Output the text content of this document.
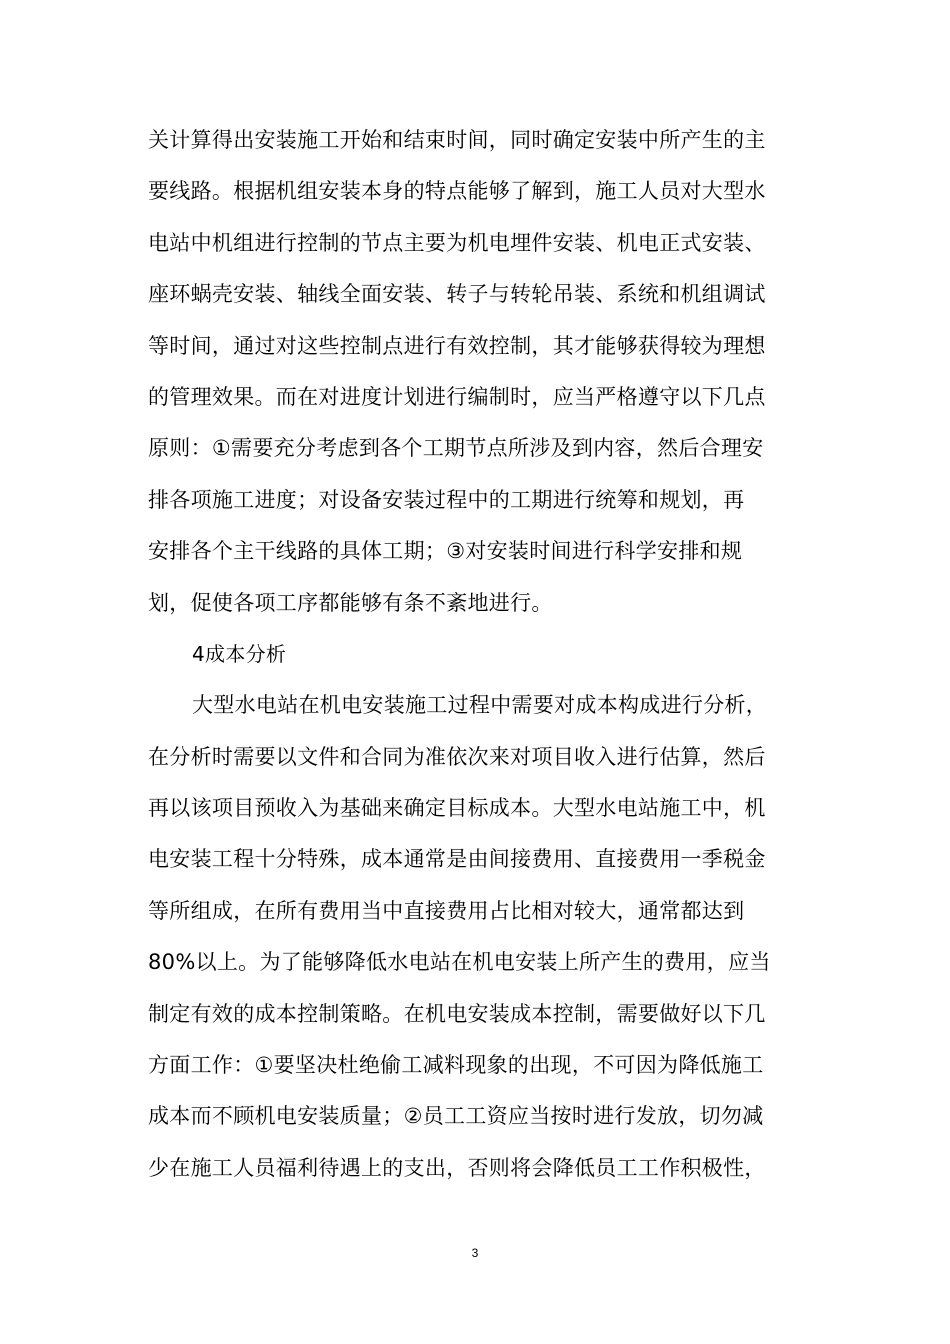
关计算得出安装施工开始和结束时间，同时确定安装中所产生的主
要线路。根据机组安装本身的特点能够了解到，施工人员对大型水
电站中机组进行控制的节点主要为机电埋件安装、机电正式安装、
座环蜗壳安装、轴线全面安装、转子与转轮吊装、系统和机组调试
等时间，通过对这些控制点进行有效控制，其才能够获得较为理想
的管理效果。而在对进度计划进行编制时，应当严格遵守以下几点
原则：①需要充分考虑到各个工期节点所涉及到内容，然后合理安
排各项施工进度；对设备安装过程中的工期进行统筹和规划，再
安排各个主干线路的具体工期；③对安装时间进行科学安排和规
划，促使各项工序都能够有条不紊地进行。
4成本分析
大型水电站在机电安装施工过程中需要对成本构成进行分析，
在分析时需要以文件和合同为准依次来对项目收入进行估算，然后
再以该项目预收入为基础来确定目标成本。大型水电站施工中，机
电安装工程十分特殊，成本通常是由间接费用、直接费用一季税金
等所组成，在所有费用当中直接费用占比相对较大，通常都达到
80%以上。为了能够降低水电站在机电安装上所产生的费用，应当
制定有效的成本控制策略。在机电安装成本控制，需要做好以下几
方面工作：①要坚决杜绝偷工减料现象的出现，不可因为降低施工
成本而不顾机电安装质量；②员工工资应当按时进行发放，切勿减
少在施工人员福利待遇上的支出，否则将会降低员工工作积极性，
3
